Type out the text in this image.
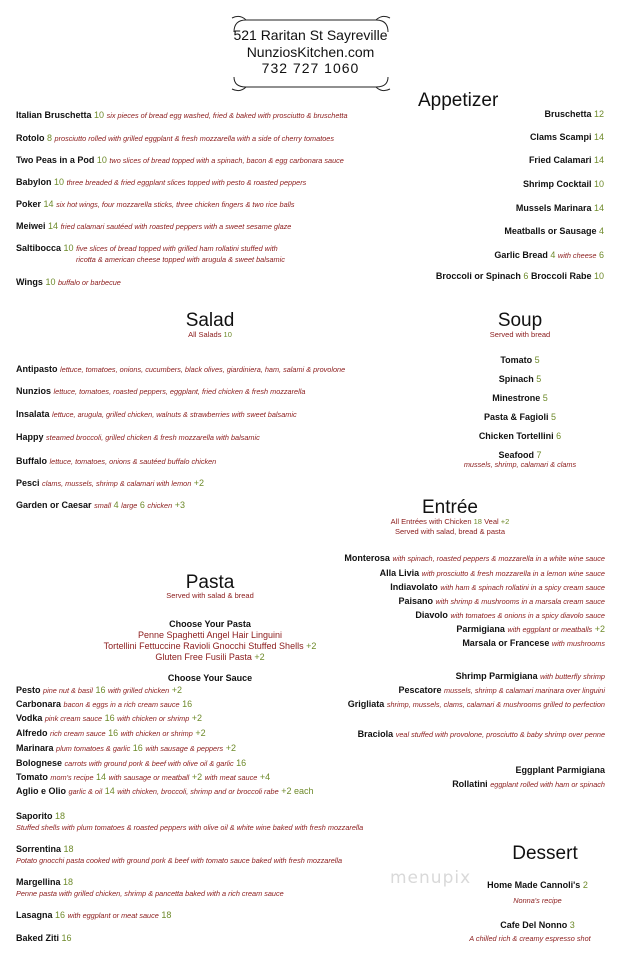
521 Raritan St Sayreville
NunziosKitchen.com
732 727 1060
Appetizer
Italian Bruschetta 10 six pieces of bread egg washed, fried & baked with prosciutto & bruschetta
Rotolo 8 prosciutto rolled with grilled eggplant & fresh mozzarella with a side of cherry tomatoes
Two Peas in a Pod 10 two slices of bread topped with a spinach, bacon & egg carbonara sauce
Babylon 10 three breaded & fried eggplant slices topped with pesto & roasted peppers
Poker 14 six hot wings, four mozzarella sticks, three chicken fingers & two rice balls
Meiwei 14 fried calamari sautéed with roasted peppers with a sweet sesame glaze
Saltibocca 10 five slices of bread topped with grilled ham rollatini stuffed with
ricotta & american cheese topped with arugula & sweet balsamic
Wings 10 buffalo or barbecue
Bruschetta 12
Clams Scampi 14
Fried Calamari 14
Shrimp Cocktail 10
Mussels Marinara 14
Meatballs or Sausage 4
Garlic Bread 4 with cheese 6
Broccoli or Spinach 6 Broccoli Rabe 10
Salad
All Salads 10
Antipasto lettuce, tomatoes, onions, cucumbers, black olives, giardiniera, ham, salami & provolone
Nunzios lettuce, tomatoes, roasted peppers, eggplant, fried chicken & fresh mozzarella
Insalata lettuce, arugula, grilled chicken, walnuts & strawberries with sweet balsamic
Happy steamed broccoli, grilled chicken & fresh mozzarella with balsamic
Buffalo lettuce, tomatoes, onions & sautéed buffalo chicken
Pesci clams, mussels, shrimp & calamari with lemon +2
Garden or Caesar small 4 large 6 chicken +3
Soup
Served with bread
Tomato 5
Spinach 5
Minestrone 5
Pasta & Fagioli 5
Chicken Tortellini 6
Seafood 7
mussels, shrimp, calamari & clams
Entrée
All Entrées with Chicken 18 Veal +2
Served with salad, bread & pasta
Monterosa with spinach, roasted peppers & mozzarella in a white wine sauce
Alla Livia with prosciutto & fresh mozzarella in a lemon wine sauce
Indiavolato with ham & spinach rollatini in a spicy cream sauce
Paisano with shrimp & mushrooms in a marsala cream sauce
Diavolo with tomatoes & onions in a spicy diavolo sauce
Parmigiana with eggplant or meatballs +2
Marsala or Francese with mushrooms
Shrimp Parmigiana with butterfly shrimp
Pescatore mussels, shrimp & calamari marinara over linguini
Grigliata shrimp, mussels, clams, calamari & mushrooms grilled to perfection
Braciola veal stuffed with provolone, prosciutto & baby shrimp over penne
Eggplant Parmigiana
Rollatini eggplant rolled with ham or spinach
Pasta
Served with salad & bread
Choose Your Pasta
Penne Spaghetti Angel Hair Linguini
Tortellini Fettuccine Ravioli Gnocchi Stuffed Shells +2
Gluten Free Fusili Pasta +2
Choose Your Sauce
Pesto pine nut & basil 16 with grilled chicken +2
Carbonara bacon & eggs in a rich cream sauce 16
Vodka pink cream sauce 16 with chicken or shrimp +2
Alfredo rich cream sauce 16 with chicken or shrimp +2
Marinara plum tomatoes & garlic 16 with sausage & peppers +2
Bolognese carrots with ground pork & beef with olive oil & garlic 16
Tomato mom's recipe 14 with sausage or meatball +2 with meat sauce +4
Aglio e Olio garlic & oil 14 with chicken, broccoli, shrimp and or broccoli rabe +2 each
Saporito 18
Stuffed shells with plum tomatoes & roasted peppers with olive oil & white wine baked with fresh mozzarella
Sorrentina 18
Potato gnocchi pasta cooked with ground pork & beef with tomato sauce baked with fresh mozzarella
Margellina 18
Penne pasta with grilled chicken, shrimp & pancetta baked with a rich cream sauce
Lasagna 16 with eggplant or meat sauce 18
Baked Ziti 16
menupix
Dessert
Home Made Cannoli's 2
Nonna's recipe
Cafe Del Nonno 3
A chilled rich & creamy espresso shot
